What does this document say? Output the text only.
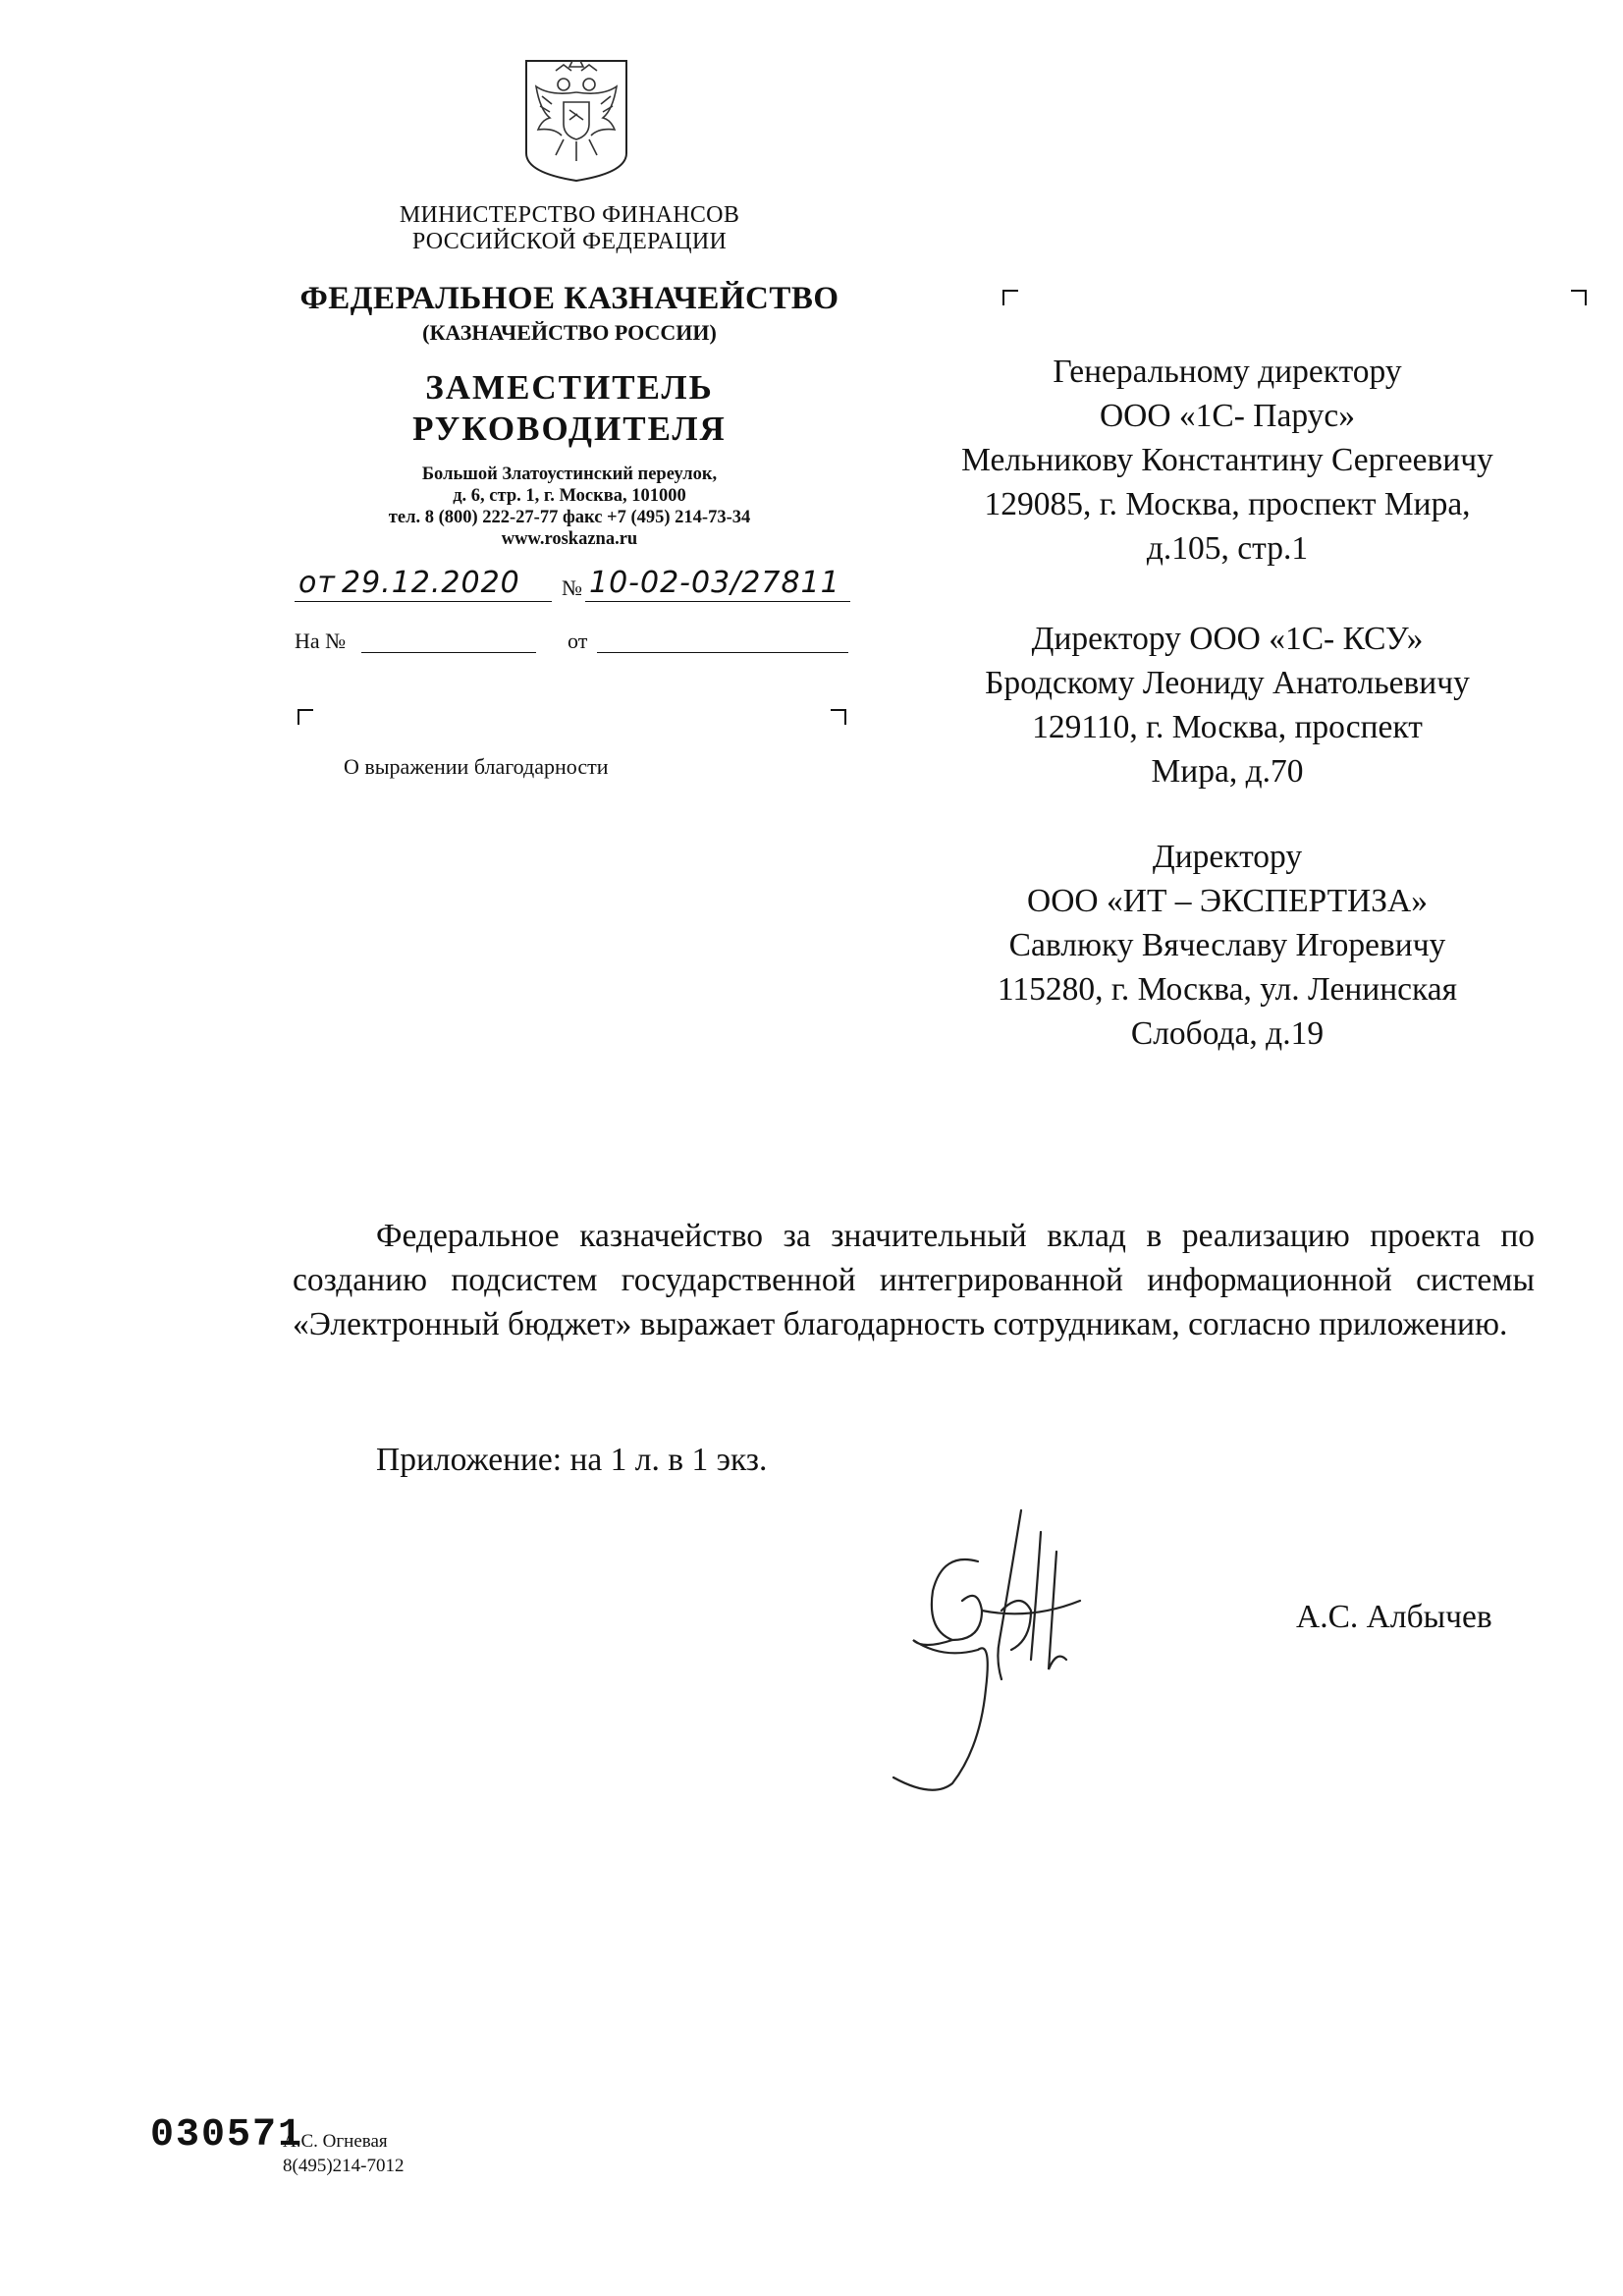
МИНИСТЕРСТВО ФИНАНСОВ
РОССИЙСКОЙ ФЕДЕРАЦИИ
ФЕДЕРАЛЬНОЕ КАЗНАЧЕЙСТВО
(КАЗНАЧЕЙСТВО РОССИИ)
ЗАМЕСТИТЕЛЬ
РУКОВОДИТЕЛЯ
Большой Златоустинский переулок,
д. 6, стр. 1, г. Москва, 101000
тел. 8 (800) 222-27-77 факс +7 (495) 214-73-34
www.roskazna.ru
от 29.12.2020 № 10-02-03/27811
На №	от
О выражении благодарности
Генеральному директору
ООО «1С- Парус»
Мельникову Константину Сергеевичу
129085, г. Москва, проспект Мира,
д.105, стр.1
Директору ООО «1С- КСУ»
Бродскому Леониду Анатольевичу
129110, г. Москва, проспект
Мира, д.70
Директору
ООО «ИТ – ЭКСПЕРТИЗА»
Савлюку Вячеславу Игоревичу
115280, г. Москва, ул. Ленинская
Слобода, д.19

Федеральное казначейство за значительный вклад в реализацию проекта по созданию подсистем государственной интегрированной информационной системы «Электронный бюджет» выражает благодарность сотрудникам, согласно приложению.

Приложение: на 1 л. в 1 экз.
А.С. Албычев
030571
А.С. Огневая
8(495)214-7012
